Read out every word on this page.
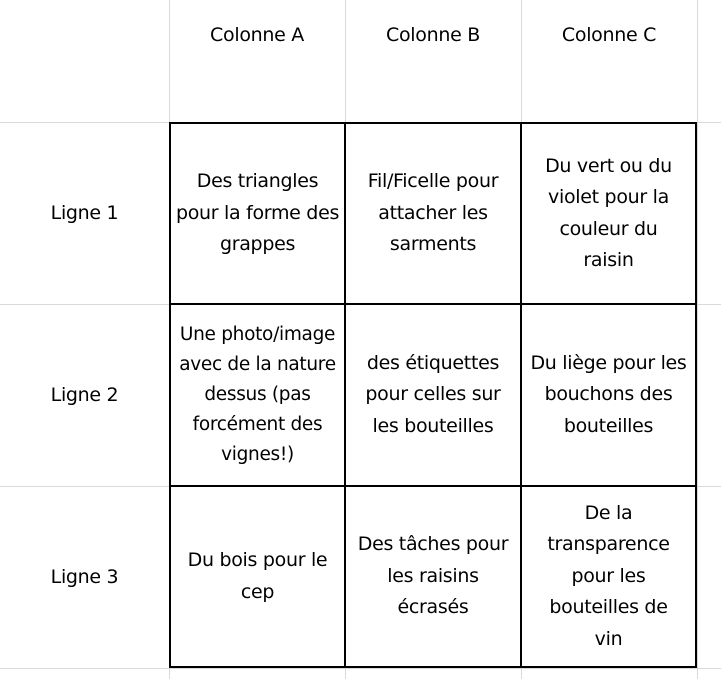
Colonne A	Colonne B	Colonne C
Ligne 1
Ligne 2
Ligne 3
Des triangles pour la forme des grappes
Fil/Ficelle pour attacher les sarments
Du vert ou du violet pour la couleur du raisin
Une photo/image avec de la nature dessus (pas forcément des vignes!)
des étiquettes pour celles sur les bouteilles
Du liège pour les bouchons des bouteilles
Du bois pour le cep
Des tâches pour les raisins écrasés
De la transparence pour les bouteilles de vin
